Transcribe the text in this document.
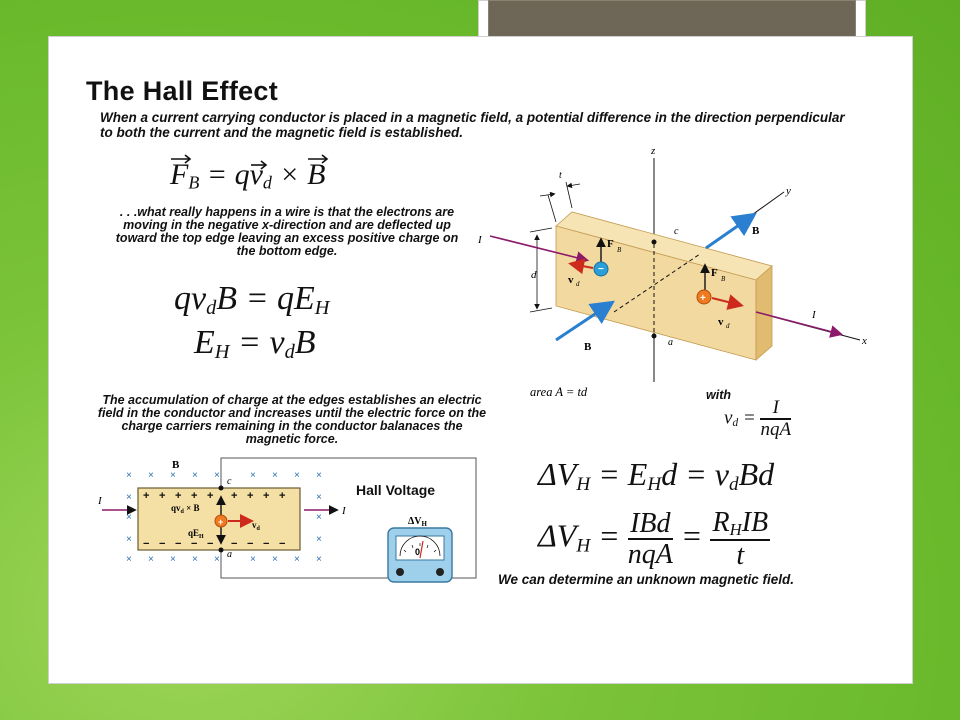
The Hall Effect
When a current carrying conductor is placed in a magnetic field, a potential difference in the direction perpendicular to both the current and the magnetic field is established.
F
$_B$ = qv
$_d$ × B
. . .what really happens in a wire is that the electrons are moving in the negative x-direction and are deflected up toward the top edge leaving an excess positive charge on the bottom edge.
$qv_dB = qE_H$
$E_H = v_dB$
The accumulation of charge at the edges establishes an electric field in the conductor and increases until the electric force on the charge carriers remaining in the conductor balanaces the magnetic force.
with
$v_d = \frac{I}{\text{nqA}}$
$\Delta V_H = E_Hd = v_dBd$
$\Delta V_H = \frac{\text{IBd}}{\text{nqA}} = \frac{R_HIB}{t}$
We can determine an unknown magnetic field.
z
y
x
c
a
t
d
I
I
B
B
F B
−
v d
F B
+
v d
area A = td
×
×
×
×
×
×
×
×
×
×
×
×
×
×
×
×
×
×
×
×
×
×
×
×
B
I
I
+ + + + + + + + +
− − − − − − − − −
c
a
+
$qv_d \times B$
$qE_H$
$v_d$
0
$\Delta V_H$
Hall Voltage
